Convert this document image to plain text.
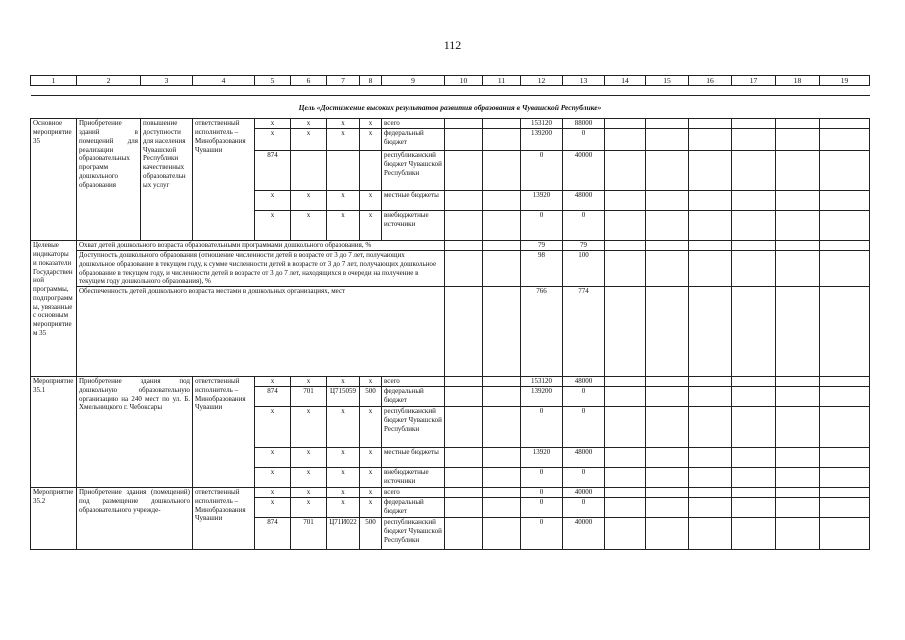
112
1	2	3	4	5	6	7	8	9	10	11	12	13	14	15	16	17	18	19

Цель «Достижение высоких результатов развития образования в Чувашской Республике»																		
Основное мероприятие 35	Приобретение зданий в помещений для реализации образовательных программ дошкольного образования	повышение доступности для населения Чувашской Республики качественных образовательных услуг	ответственный исполнитель – Минобразования Чувашии	x	x	x	x	всего			153120	88000						
				x	x	x	x	федеральный бюджет			139200	0						
				874				республиканский бюджет Чувашской Республики			0	40000						
				x	x	x	x	местные бюджеты			13920	48000						
				x	x	x	x	внебюджетные источники			0	0						
Целевые индикаторы и показатели Государственной программы, подпрограммы, увязанные с основным мероприятием 35	Охват детей дошкольного возраста образовательными программами дошкольного образования, %										79	79						
	Доступность дошкольного образования (отношение численности детей в возрасте от 3 до 7 лет, получающих дошкольное образование в текущем году, к сумме численности детей в возрасте от 3 до 7 лет, получающих дошкольное образование в текущем году, и численности детей в возрасте от 3 до 7 лет, находящихся в очереди на получение в текущем году дошкольного образования), %										98	100						
	Обеспеченность детей дошкольного возраста местами в дошкольных организациях, мест										766	774						
Мероприятие 35.1	Приобретение здания под дошкольную образовательную организацию на 240 мест по ул. Б. Хмельницкого г. Чебоксары		ответственный исполнитель – Минобразования Чувашии	x	x	x	x	всего			153120	48000						
				874	701	Ц715059	500	федеральный бюджет			139200	0						
				x	x	x	x	республиканский бюджет Чувашской Республики			0	0						
				x	x	x	x	местные бюджеты			13920	48000						
				x	x	x	x	внебюджетные источники			0	0						
Мероприятие 35.2	Приобретение здания (помещений) под размещение дошкольного образовательного учрежде-		ответственный исполнитель – Минобразования Чувашии	x	x	x	x	всего			0	40000						
				x	x	x	x	федеральный бюджет			0	0						
				874	701	Ц71И022	500	республиканский бюджет Чувашской Республики			0	40000						
